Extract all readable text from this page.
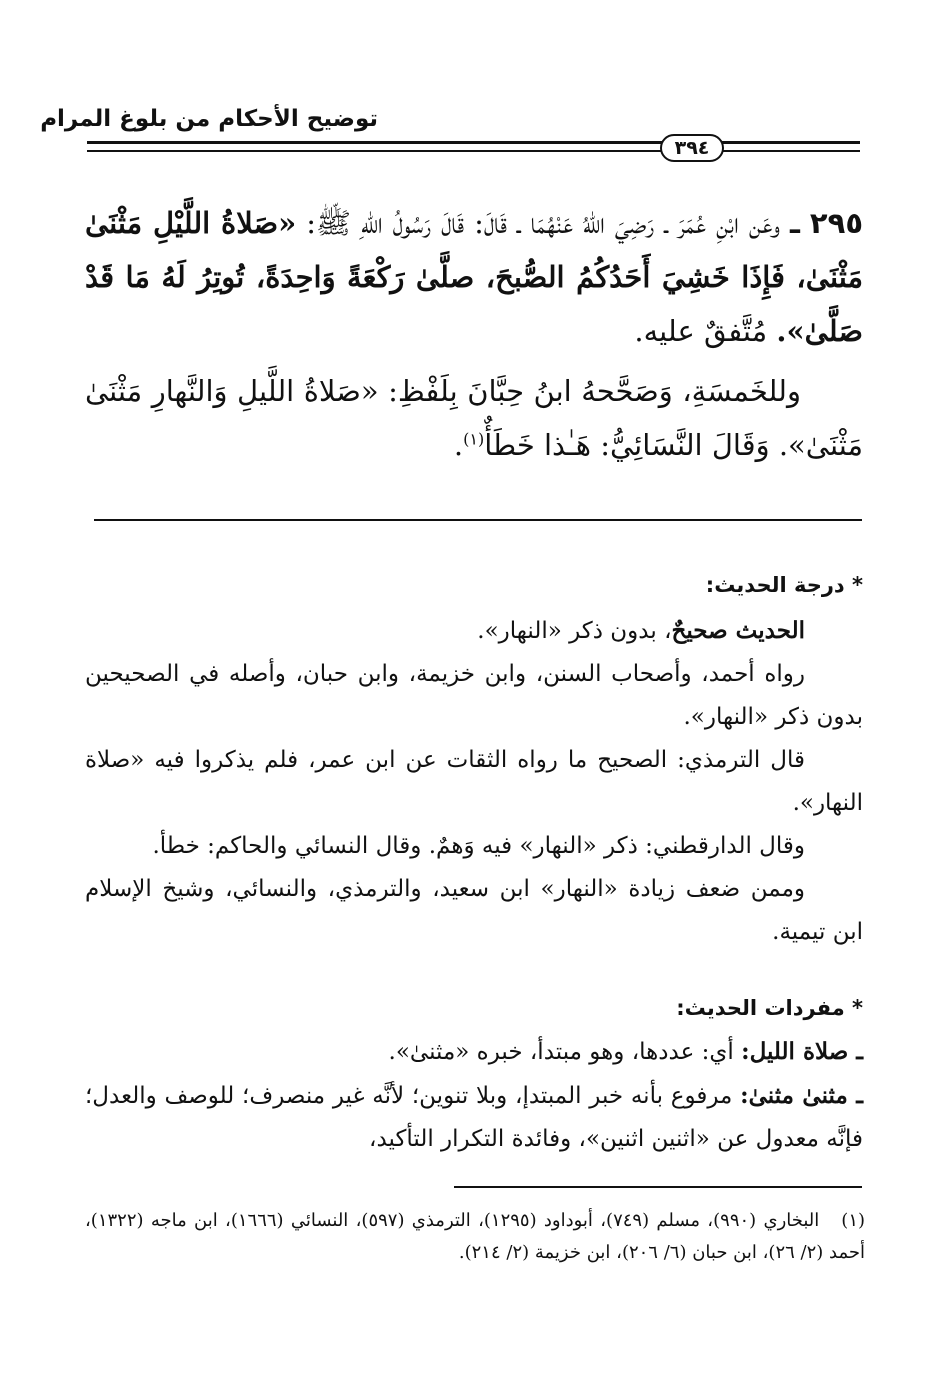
توضيح الأحكام من بلوغ المرام
٣٩٤

٢٩٥ ـ وعَن ابْنِ عُمَرَ ـ رَضِيَ اللهُ عَنْهُمَا ـ قَالَ: قَالَ رَسُولُ اللهِ ﷺ: «صَلاةُ اللَّيْلِ مَثْنَىٰ مَثْنَىٰ، فَإِذَا خَشِيَ أَحَدُكُمُ الصُّبحَ، صلَّىٰ رَكْعَةً وَاحِدَةً، تُوتِرُ لَهُ مَا قَدْ صَلَّىٰ». مُتَّفقٌ عليه.

وللخَمسَةِ، وَصَحَّحهُ ابنُ حِبَّانَ بِلَفْظِ: «صَلاةُ اللَّيلِ وَالنَّهارِ مَثْنَىٰ مَثْنَىٰ». وَقَالَ النَّسَائِيُّ: هَـٰذا خَطَأٌ$^{(١)}$.

* درجة الحديث:

الحديث صحيحٌ، بدون ذكر «النهار».

رواه أحمد، وأصحاب السنن، وابن خزيمة، وابن حبان، وأصله في الصحيحين بدون ذكر «النهار».

قال الترمذي: الصحيح ما رواه الثقات عن ابن عمر، فلم يذكروا فيه «صلاة النهار».

وقال الدارقطني: ذكر «النهار» فيه وَهمٌ. وقال النسائي والحاكم: خطأ.

وممن ضعف زيادة «النهار» ابن سعيد، والترمذي، والنسائي، وشيخ الإسلام ابن تيمية.

* مفردات الحديث:

ـ صلاة الليل: أي: عددها، وهو مبتدأ، خبره «مثنىٰ».

ـ مثنىٰ مثنىٰ: مرفوع بأنه خبر المبتدإ، وبلا تنوين؛ لأنَّه غير منصرف؛ للوصف والعدل؛ فإنَّه معدول عن «اثنين اثنين»، وفائدة التكرار التأكيد،

(١)البخاري (٩٩٠)، مسلم (٧٤٩)، أبوداود (١٢٩٥)، الترمذي (٥٩٧)، النسائي (١٦٦٦)، ابن ماجه (١٣٢٢)، أحمد (٢/ ٢٦)، ابن حبان (٦/ ٢٠٦)، ابن خزيمة (٢/ ٢١٤).
